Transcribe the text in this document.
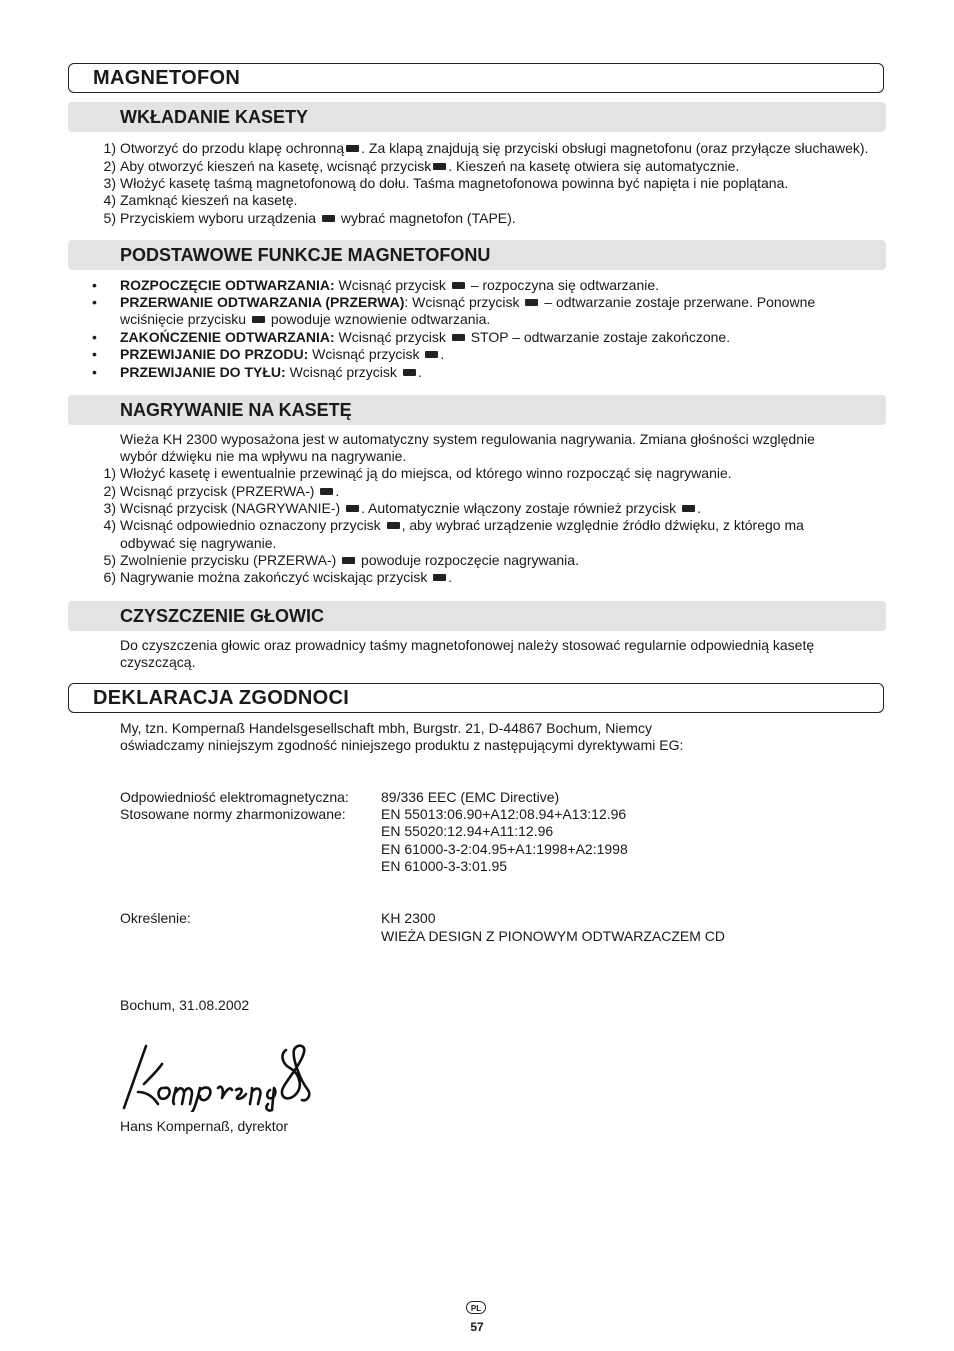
MAGNETOFON
WKŁADANIE KASETY
1) Otworzyć do przodu klapę ochronną . Za klapą znajdują się przyciski obsługi magnetofonu (oraz przyłącze słuchawek).
2) Aby otworzyć kieszeń na kasetę, wcisnąć przycisk . Kieszeń na kasetę otwiera się automatycznie.
3) Włożyć kasetę taśmą magnetofonową do dołu. Taśma magnetofonowa powinna być napięta i nie poplątana.
4) Zamknąć kieszeń na kasetę.
5) Przyciskiem wyboru urządzenia wybrać magnetofon (TAPE).
PODSTAWOWE FUNKCJE MAGNETOFONU
• ROZPOCZĘCIE ODTWARZANIA: Wcisnąć przycisk – rozpoczyna się odtwarzanie.
• PRZERWANIE ODTWARZANIA (PRZERWA): Wcisnąć przycisk – odtwarzanie zostaje przerwane. Ponowne
wciśnięcie przycisku powoduje wznowienie odtwarzania.
• ZAKOŃCZENIE ODTWARZANIA: Wcisnąć przycisk STOP – odtwarzanie zostaje zakończone.
• PRZEWIJANIE DO PRZODU: Wcisnąć przycisk .
• PRZEWIJANIE DO TYŁU: Wcisnąć przycisk .
NAGRYWANIE NA KASETĘ
Wieża KH 2300 wyposażona jest w automatyczny system regulowania nagrywania. Zmiana głośności względnie
wybór dźwięku nie ma wpływu na nagrywanie.
1) Włożyć kasetę i ewentualnie przewinąć ją do miejsca, od którego winno rozpocząć się nagrywanie.
2) Wcisnąć przycisk (PRZERWA-) .
3) Wcisnąć przycisk (NAGRYWANIE-) . Automatycznie włączony zostaje również przycisk .
4) Wcisnąć odpowiednio oznaczony przycisk , aby wybrać urządzenie względnie źródło dźwięku, z którego ma
odbywać się nagrywanie.
5) Zwolnienie przycisku (PRZERWA-) powoduje rozpoczęcie nagrywania.
6) Nagrywanie można zakończyć wciskając przycisk .
CZYSZCZENIE GŁOWIC
Do czyszczenia głowic oraz prowadnicy taśmy magnetofonowej należy stosować regularnie odpowiednią kasetę
czyszczącą.
DEKLARACJA ZGODNOCI
My, tzn. Kompernaß Handelsgesellschaft mbh, Burgstr. 21, D-44867 Bochum, Niemcy
oświadczamy niniejszym zgodność niniejszego produktu z następującymi dyrektywami EG:
Odpowiedniość elektromagnetyczna: 89/336 EEC (EMC Directive)
Stosowane normy zharmonizowane:	EN 55013:06.90+A12:08.94+A13:12.96
EN 55020:12.94+A11:12.96
EN 61000-3-2:04.95+A1:1998+A2:1998
EN 61000-3-3:01.95
Określenie:	KH 2300
WIEŻA DESIGN Z PIONOWYM ODTWARZACZEM CD
Bochum, 31.08.2002
Hans Kompernaß, dyrektor
PL
57
